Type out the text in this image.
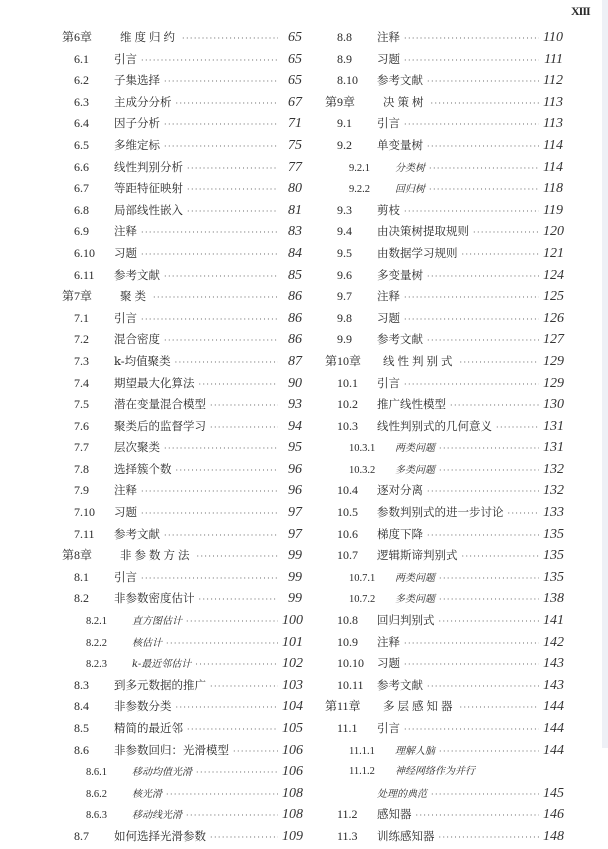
XIII
第6章	维度归约 ·····	65
6.1	引言 ·····	65
6.2	子集选择 ·····	65
6.3	主成分分析 ·····	67
6.4	因子分析 ·····	71
6.5	多维定标 ·····	75
6.6	线性判别分析 ·····	77
6.7	等距特征映射 ·····	80
6.8	局部线性嵌入 ·····	81
6.9	注释 ·····	83
6.10	习题 ·····	84
6.11	参考文献 ·····	85
第7章	聚类 ·····	86
7.1	引言 ·····	86
7.2	混合密度 ·····	86
7.3	k-均值聚类 ·····	87
7.4	期望最大化算法 ·····	90
7.5	潜在变量混合模型 ·····	93
7.6	聚类后的监督学习 ·····	94
7.7	层次聚类 ·····	95
7.8	选择簇个数 ·····	96
7.9	注释 ·····	96
7.10	习题 ·····	97
7.11	参考文献 ·····	97
第8章	非参数方法 ·····	99
8.1	引言 ·····	99
8.2	非参数密度估计 ·····	99
8.2.1	直方图估计 ·····	100
8.2.2	核估计 ·····	101
8.2.3	k-最近邻估计 ·····	102
8.3	到多元数据的推广 ·····	103
8.4	非参数分类 ·····	104
8.5	精简的最近邻 ·····	105
8.6	非参数回归：光滑模型 ·····	106
8.6.1	移动均值光滑 ·····	106
8.6.2	核光滑 ·····	108
8.6.3	移动线光滑 ·····	108
8.7	如何选择光滑参数 ·····	109
8.8	注释 ·····	110
8.9	习题 ·····	111
8.10	参考文献 ·····	112
第9章	决策树 ·····	113
9.1	引言 ·····	113
9.2	单变量树 ·····	114
9.2.1	分类树 ·····	114
9.2.2	回归树 ·····	118
9.3	剪枝 ·····	119
9.4	由决策树提取规则 ·····	120
9.5	由数据学习规则 ·····	121
9.6	多变量树 ·····	124
9.7	注释 ·····	125
9.8	习题 ·····	126
9.9	参考文献 ·····	127
第10章	线性判别式 ·····	129
10.1	引言 ·····	129
10.2	推广线性模型 ·····	130
10.3	线性判别式的几何意义 ·····	131
10.3.1	两类问题 ·····	131
10.3.2	多类问题 ·····	132
10.4	逐对分离 ·····	132
10.5	参数判别式的进一步讨论 ·····	133
10.6	梯度下降 ·····	135
10.7	逻辑斯谛判别式 ·····	135
10.7.1	两类问题 ·····	135
10.7.2	多类问题 ·····	138
10.8	回归判别式 ·····	141
10.9	注释 ·····	142
10.10	习题 ·····	143
10.11	参考文献 ·····	143
第11章	多层感知器 ·····	144
11.1	引言 ·····	144
11.1.1	理解人脑 ·····	144
11.1.2	神经网络作为并行
处理的典范 ·····	145
11.2	感知器 ·····	146
11.3	训练感知器 ·····	148
